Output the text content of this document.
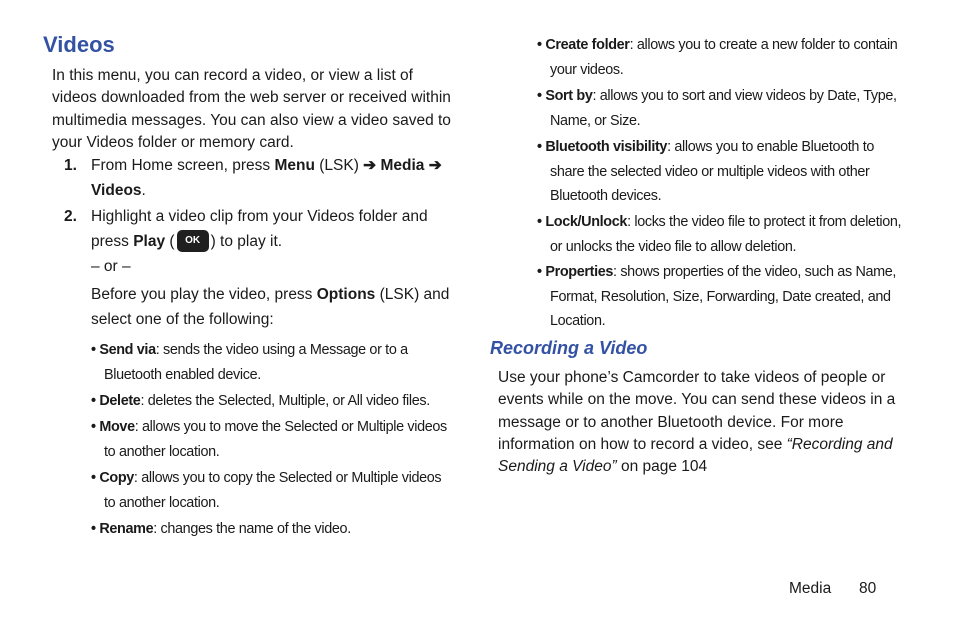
Videos

In this menu, you can record a video, or view a list of videos downloaded from the web server or received within multimedia messages. You can also view a video saved to your Videos folder or memory card.

1. From Home screen, press Menu (LSK) ➔ Media ➔
Videos.
2. Highlight a video clip from your Videos folder and press Play ( OK ) to play it.

– or –

Before you play the video, press Options (LSK) and select one of the following:
• Send via: sends the video using a Message or to a Bluetooth enabled device.
• Delete: deletes the Selected, Multiple, or All video files.
• Move: allows you to move the Selected or Multiple videos to another location.
• Copy: allows you to copy the Selected or Multiple videos to another location.
• Rename: changes the name of the video.
• Create folder: allows you to create a new folder to contain your videos.
• Sort by: allows you to sort and view videos by Date, Type, Name, or Size.
• Bluetooth visibility: allows you to enable Bluetooth to share the selected video or multiple videos with other Bluetooth devices.
• Lock/Unlock: locks the video file to protect it from deletion, or unlocks the video file to allow deletion.
• Properties: shows properties of the video, such as Name, Format, Resolution, Size, Forwarding, Date created, and Location.
Recording a Video

Use your phone’s Camcorder to take videos of people or events while on the move. You can send these videos in a message or to another Bluetooth device. For more information on how to record a video, see “Recording and Sending a Video” on page 104

Media 80
